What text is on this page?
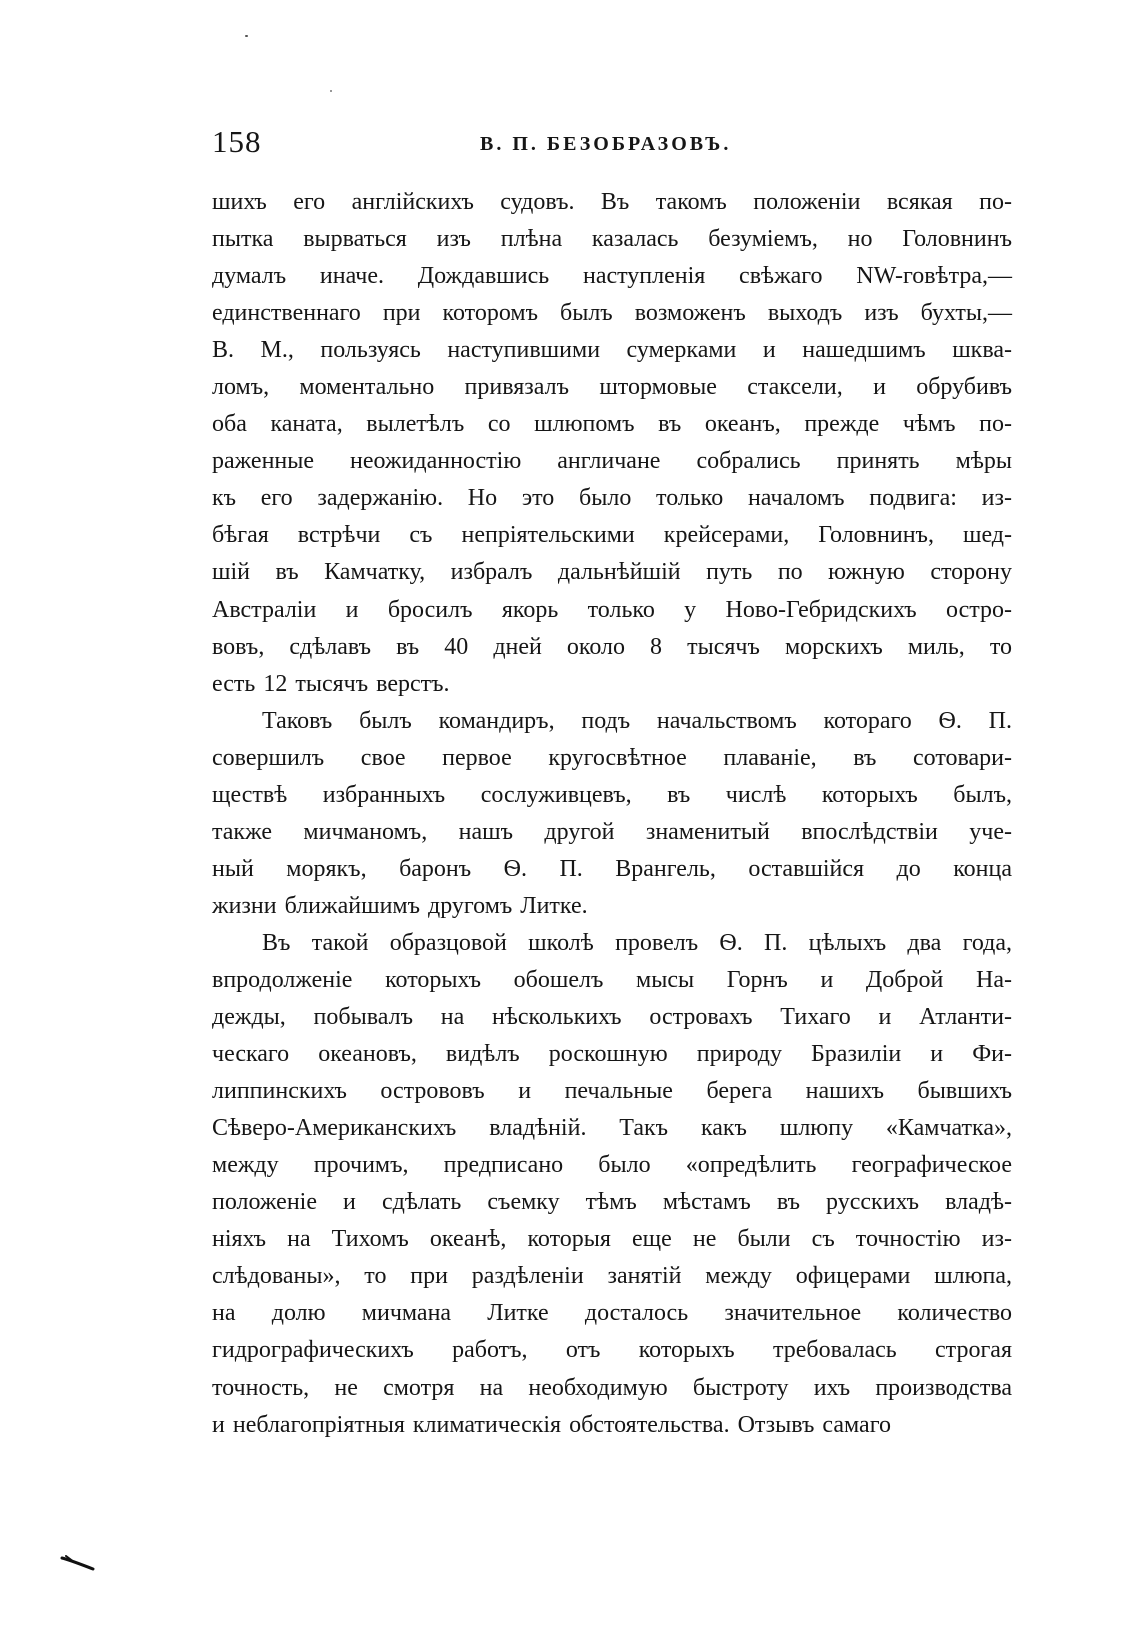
158	В. П. БЕЗОБРАЗОВЪ.
шихъ его англійскихъ судовъ. Въ такомъ положеніи всякая по-
пытка вырваться изъ плѣна казалась безуміемъ, но Головнинъ
думалъ иначе. Дождавшись наступленія свѣжаго NW-говѣтра,—
единственнаго при которомъ былъ возможенъ выходъ изъ бухты,—
В. М., пользуясь наступившими сумерками и нашедшимъ шква-
ломъ, моментально привязалъ штормовые стаксели, и обрубивъ
оба каната, вылетѣлъ со шлюпомъ въ океанъ, прежде чѣмъ по-
раженные неожиданностію англичане собрались принять мѣры
къ его задержанію. Но это было только началомъ подвига: из-
бѣгая встрѣчи съ непріятельскими крейсерами, Головнинъ, шед-
шій въ Камчатку, избралъ дальнѣйшій путь по южную сторону
Австраліи и бросилъ якорь только у Ново-Гебридскихъ остро-
вовъ, сдѣлавъ въ 40 дней около 8 тысячъ морскихъ миль, то
есть 12 тысячъ верстъ.
Таковъ былъ командиръ, подъ начальствомъ котораго Ѳ. П.
совершилъ свое первое кругосвѣтное плаваніе, въ сотовари-
ществѣ избранныхъ сослуживцевъ, въ числѣ которыхъ былъ,
также мичманомъ, нашъ другой знаменитый впослѣдствіи уче-
ный морякъ, баронъ Ѳ. П. Врангель, оставшійся до конца
жизни ближайшимъ другомъ Литке.
Въ такой образцовой школѣ провелъ Ѳ. П. цѣлыхъ два года,
впродолженіе которыхъ обошелъ мысы Горнъ и Доброй На-
дежды, побывалъ на нѣсколькихъ островахъ Тихаго и Атланти-
ческаго океановъ, видѣлъ роскошную природу Бразиліи и Фи-
липпинскихъ острововъ и печальные берега нашихъ бывшихъ
Сѣверо-Американскихъ владѣній. Такъ какъ шлюпу «Камчатка»,
между прочимъ, предписано было «опредѣлить географическое
положеніе и сдѣлать съемку тѣмъ мѣстамъ въ русскихъ владѣ-
ніяхъ на Тихомъ океанѣ, которыя еще не были съ точностію из-
слѣдованы», то при раздѣленіи занятій между офицерами шлюпа,
на долю мичмана Литке досталось значительное количество
гидрографическихъ работъ, отъ которыхъ требовалась строгая
точность, не смотря на необходимую быстроту ихъ производства
и неблагопріятныя климатическія обстоятельства. Отзывъ самаго
